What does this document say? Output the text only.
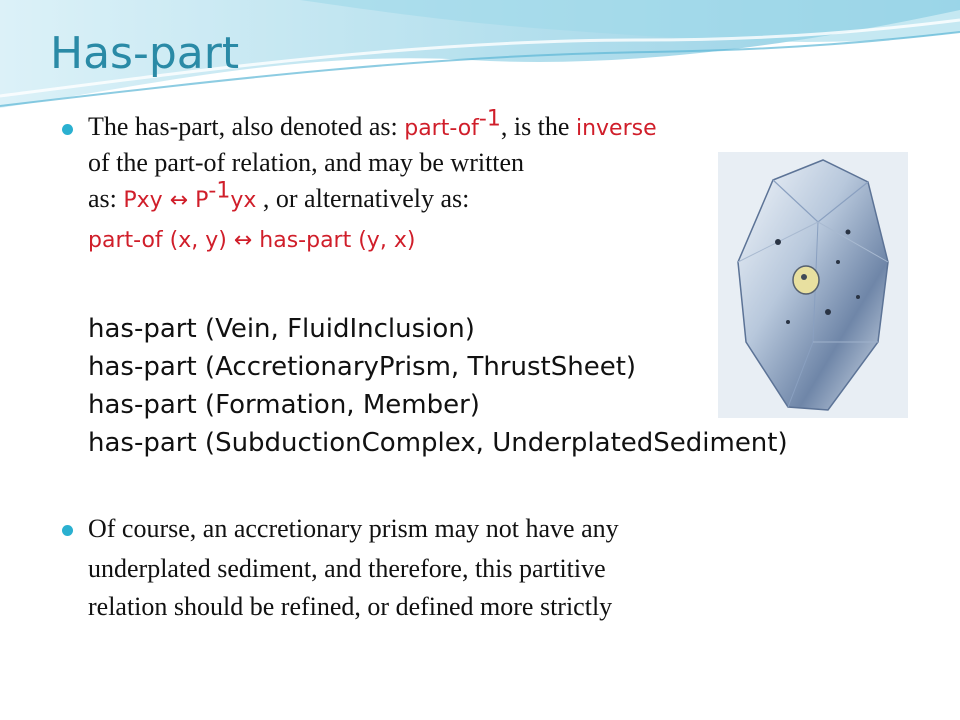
Has-part
The has-part, also denoted as: part-$of^{-1}$, is the inverse
of the part-of relation, and may be written
as: Pxy ↔ $P^{-1}yx$ , or alternatively as:
part-of (x, y) ↔ has-part (y, x)
has-part (Vein, FluidInclusion)
has-part (AccretionaryPrism, ThrustSheet)
has-part (Formation, Member)
has-part (SubductionComplex, UnderplatedSediment)
Of course, an accretionary prism may not have any
underplated sediment, and therefore, this partitive
relation should be refined, or defined more strictly
